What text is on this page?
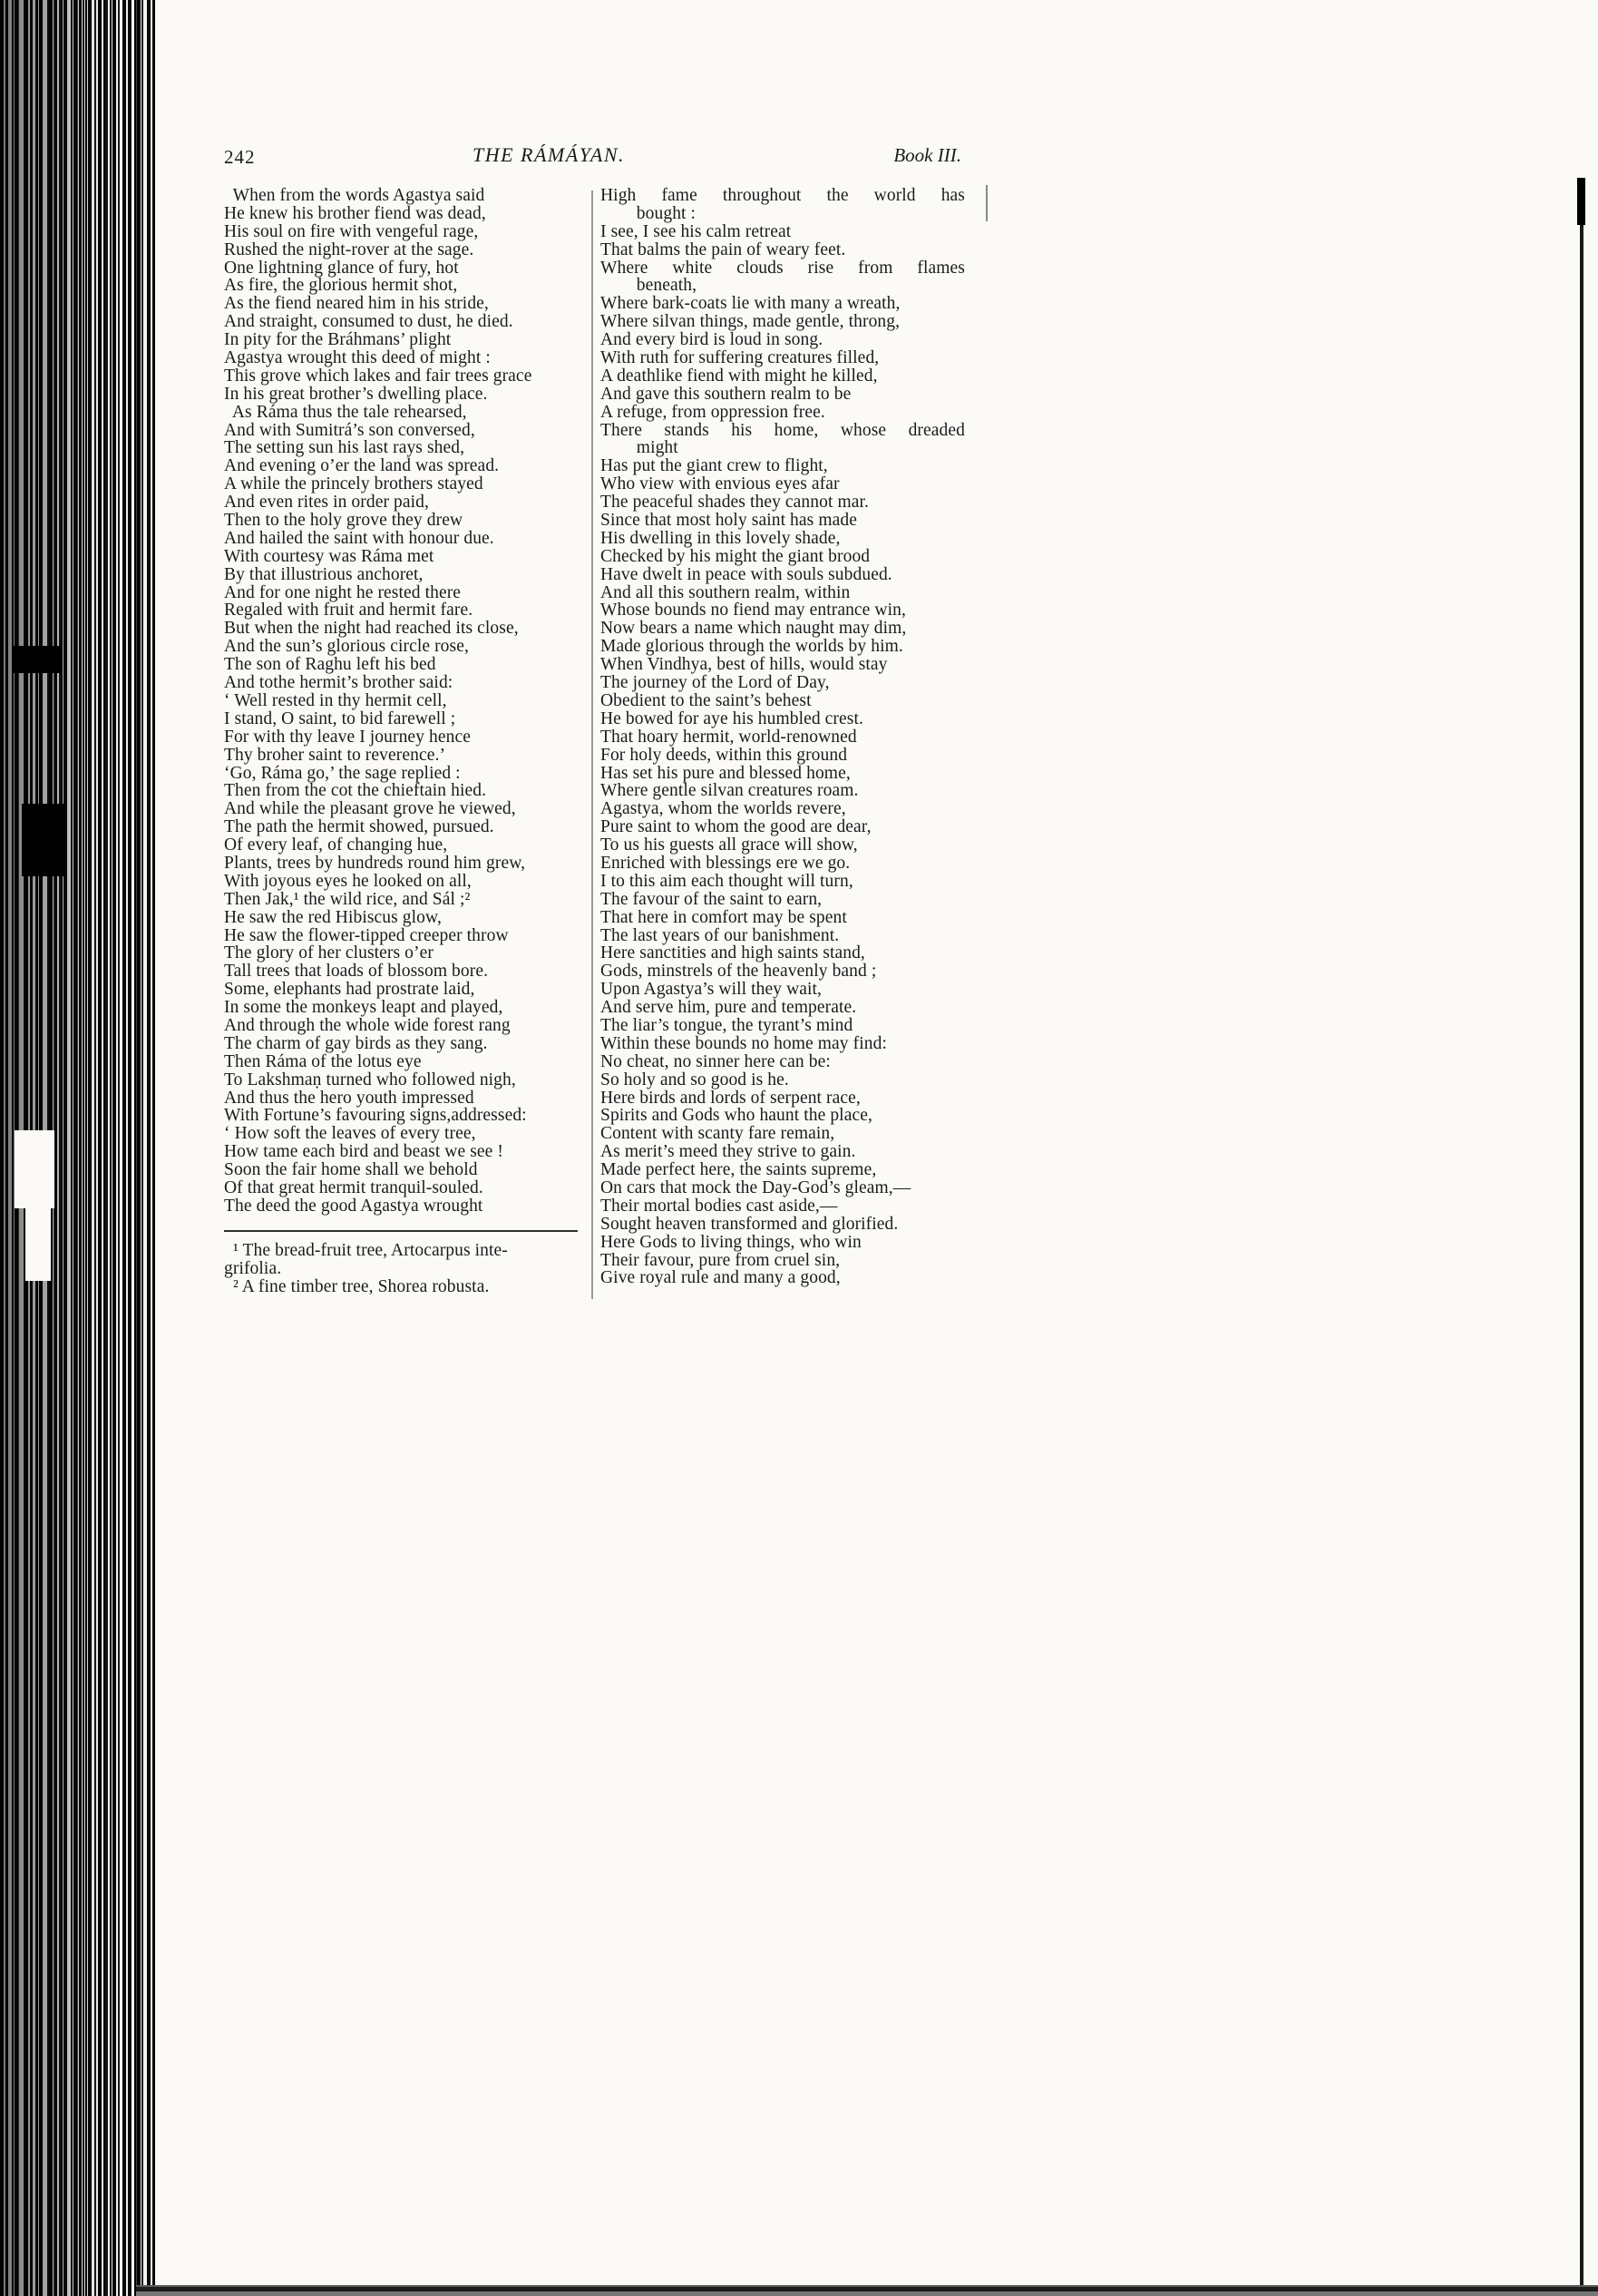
242	THE RÁMÁYAN.	Book III.
When from the words Agastya said
He knew his brother fiend was dead,
His soul on fire with vengeful rage,
Rushed the night-rover at the sage.
One lightning glance of fury, hot
As fire, the glorious hermit shot,
As the fiend neared him in his stride,
And straight, consumed to dust, he died.
In pity for the Bráhmans’ plight
Agastya wrought this deed of might :
This grove which lakes and fair trees grace
In his great brother’s dwelling place.
As Ráma thus the tale rehearsed,
And with Sumitrá’s son conversed,
The setting sun his last rays shed,
And evening o’er the land was spread.
A while the princely brothers stayed
And even rites in order paid,
Then to the holy grove they drew
And hailed the saint with honour due.
With courtesy was Ráma met
By that illustrious anchoret,
And for one night he rested there
Regaled with fruit and hermit fare.
But when the night had reached its close,
And the sun’s glorious circle rose,
The son of Raghu left his bed
And tothe hermit’s brother said:
‘ Well rested in thy hermit cell,
I stand, O saint, to bid farewell ;
For with thy leave I journey hence
Thy broher saint to reverence.’
‘Go, Ráma go,’ the sage replied :
Then from the cot the chieftain hied.
And while the pleasant grove he viewed,
The path the hermit showed, pursued.
Of every leaf, of changing hue,
Plants, trees by hundreds round him grew,
With joyous eyes he looked on all,
Then Jak,¹ the wild rice, and Sál ;²
He saw the red Hibiscus glow,
He saw the flower-tipped creeper throw
The glory of her clusters o’er
Tall trees that loads of blossom bore.
Some, elephants had prostrate laid,
In some the monkeys leapt and played,
And through the whole wide forest rang
The charm of gay birds as they sang.
Then Ráma of the lotus eye
To Lakshmaṇ turned who followed nigh,
And thus the hero youth impressed
With Fortune’s favouring signs,addressed:
‘ How soft the leaves of every tree,
How tame each bird and beast we see !
Soon the fair home shall we behold
Of that great hermit tranquil-souled.
The deed the good Agastya wrought
High fame throughout the world has
bought :
I see, I see his calm retreat
That balms the pain of weary feet.
Where white clouds rise from flames
beneath,
Where bark-coats lie with many a wreath,
Where silvan things, made gentle, throng,
And every bird is loud in song.
With ruth for suffering creatures filled,
A deathlike fiend with might he killed,
And gave this southern realm to be
A refuge, from oppression free.
There stands his home, whose dreaded
might
Has put the giant crew to flight,
Who view with envious eyes afar
The peaceful shades they cannot mar.
Since that most holy saint has made
His dwelling in this lovely shade,
Checked by his might the giant brood
Have dwelt in peace with souls subdued.
And all this southern realm, within
Whose bounds no fiend may entrance win,
Now bears a name which naught may dim,
Made glorious through the worlds by him.
When Vindhya, best of hills, would stay
The journey of the Lord of Day,
Obedient to the saint’s behest
He bowed for aye his humbled crest.
That hoary hermit, world-renowned
For holy deeds, within this ground
Has set his pure and blessed home,
Where gentle silvan creatures roam.
Agastya, whom the worlds revere,
Pure saint to whom the good are dear,
To us his guests all grace will show,
Enriched with blessings ere we go.
I to this aim each thought will turn,
The favour of the saint to earn,
That here in comfort may be spent
The last years of our banishment.
Here sanctities and high saints stand,
Gods, minstrels of the heavenly band ;
Upon Agastya’s will they wait,
And serve him, pure and temperate.
The liar’s tongue, the tyrant’s mind
Within these bounds no home may find:
No cheat, no sinner here can be:
So holy and so good is he.
Here birds and lords of serpent race,
Spirits and Gods who haunt the place,
Content with scanty fare remain,
As merit’s meed they strive to gain.
Made perfect here, the saints supreme,
On cars that mock the Day-God’s gleam,—
Their mortal bodies cast aside,—
Sought heaven transformed and glorified.
Here Gods to living things, who win
Their favour, pure from cruel sin,
Give royal rule and many a good,
¹ The bread-fruit tree, Artocarpus inte-
grifolia.
² A fine timber tree, Shorea robusta.
